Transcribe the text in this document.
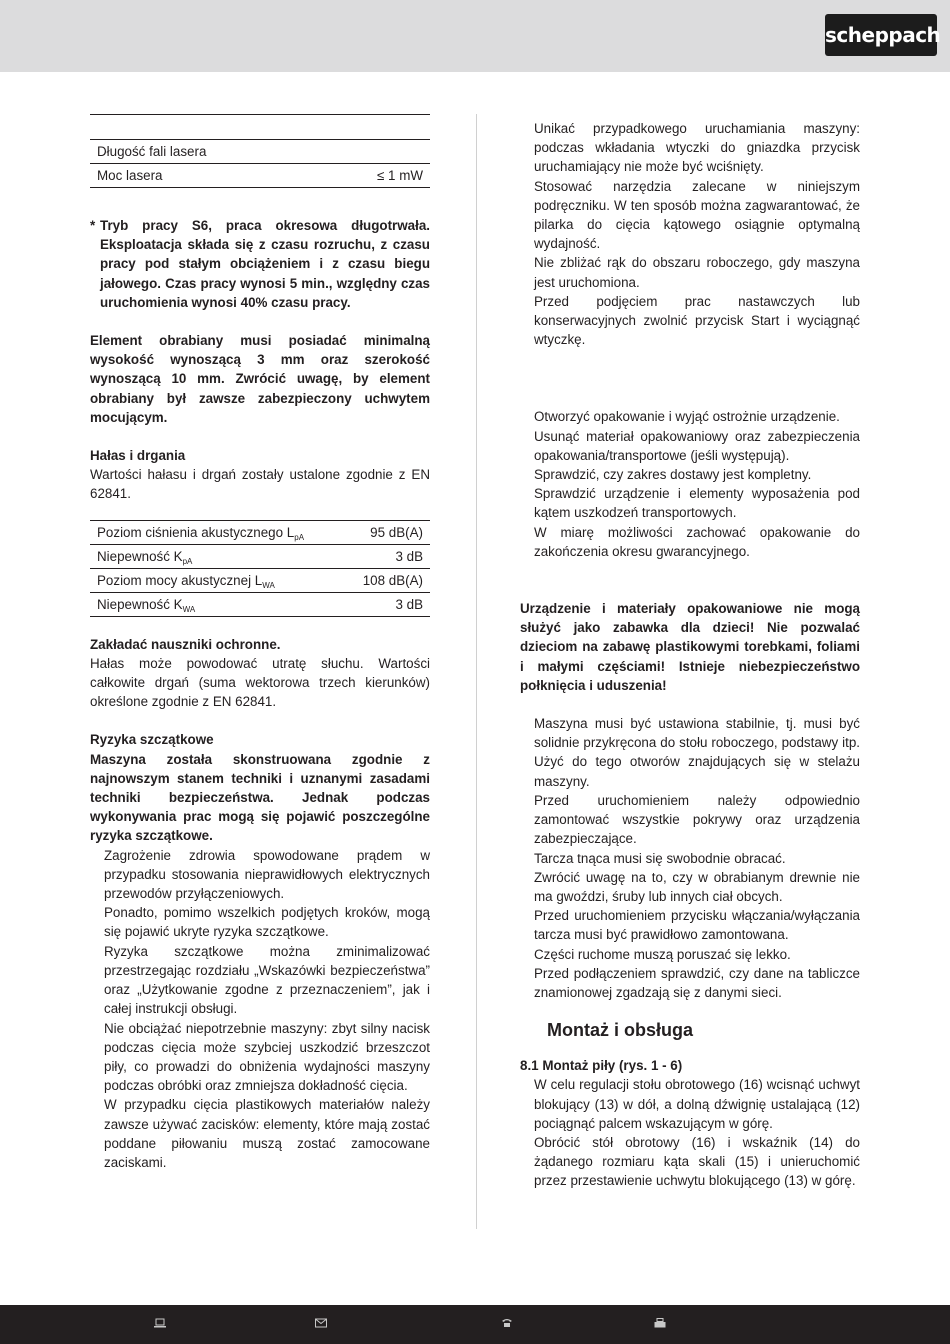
scheppach
Długość fali lasera	
Moc lasera	≤ 1 mW
* Tryb pracy S6, praca okresowa długotrwała. Eksploatacja składa się z czasu rozruchu, z czasu pracy pod stałym obciążeniem i z czasu biegu jałowego. Czas pracy wynosi 5 min., względny czas uruchomienia wynosi 40% czasu pracy.

Element obrabiany musi posiadać minimalną wysokość wynoszącą 3 mm oraz szerokość wynoszącą 10 mm. Zwrócić uwagę, by element obrabiany był zawsze zabezpieczony uchwytem mocującym.

Hałas i drgania

Wartości hałasu i drgań zostały ustalone zgodnie z EN 62841.

Poziom ciśnienia akustycznego $L_{pA}$	95 dB(A)
Niepewność $K_{pA}$	3 dB
Poziom mocy akustycznej $L_{WA}$	108 dB(A)
Niepewność $K_{WA}$	3 dB

Zakładać nauszniki ochronne.

Hałas może powodować utratę słuchu. Wartości całkowite drgań (suma wektorowa trzech kierunków) określone zgodnie z EN 62841.

Ryzyka szczątkowe

Maszyna została skonstruowana zgodnie z najnowszym stanem techniki i uznanymi zasadami techniki bezpieczeństwa. Jednak podczas wykonywania prac mogą się pojawić poszczególne ryzyka szczątkowe.

Zagrożenie zdrowia spowodowane prądem w przypadku stosowania nieprawidłowych elektrycznych przewodów przyłączeniowych.

Ponadto, pomimo wszelkich podjętych kroków, mogą się pojawić ukryte ryzyka szczątkowe.

Ryzyka szczątkowe można zminimalizować przestrzegając rozdziału „Wskazówki bezpieczeństwa” oraz „Użytkowanie zgodne z przeznaczeniem”, jak i całej instrukcji obsługi.

Nie obciążać niepotrzebnie maszyny: zbyt silny nacisk podczas cięcia może szybciej uszkodzić brzeszczot piły, co prowadzi do obniżenia wydajności maszyny podczas obróbki oraz zmniejsza dokładność cięcia.

W przypadku cięcia plastikowych materiałów należy zawsze używać zacisków: elementy, które mają zostać poddane piłowaniu muszą zostać zamocowane zaciskami.

Unikać przypadkowego uruchamiania maszyny: podczas wkładania wtyczki do gniazdka przycisk uruchamiający nie może być wciśnięty.

Stosować narzędzia zalecane w niniejszym podręczniku. W ten sposób można zagwarantować, że pilarka do cięcia kątowego osiągnie optymalną wydajność.

Nie zbliżać rąk do obszaru roboczego, gdy maszyna jest uruchomiona.

Przed podjęciem prac nastawczych lub konserwacyjnych zwolnić przycisk Start i wyciągnąć wtyczkę.

Otworzyć opakowanie i wyjąć ostrożnie urządzenie.

Usunąć materiał opakowaniowy oraz zabezpieczenia opakowania/transportowe (jeśli występują).

Sprawdzić, czy zakres dostawy jest kompletny.

Sprawdzić urządzenie i elementy wyposażenia pod kątem uszkodzeń transportowych.

W miarę możliwości zachować opakowanie do zakończenia okresu gwarancyjnego.

Urządzenie i materiały opakowaniowe nie mogą służyć jako zabawka dla dzieci! Nie pozwalać dzieciom na zabawę plastikowymi torebkami, foliami i małymi częściami! Istnieje niebezpieczeństwo połknięcia i uduszenia!

Maszyna musi być ustawiona stabilnie, tj. musi być solidnie przykręcona do stołu roboczego, podstawy itp. Użyć do tego otworów znajdujących się w stelażu maszyny.

Przed uruchomieniem należy odpowiednio zamontować wszystkie pokrywy oraz urządzenia zabezpieczające.

Tarcza tnąca musi się swobodnie obracać.

Zwrócić uwagę na to, czy w obrabianym drewnie nie ma gwoździ, śruby lub innych ciał obcych.

Przed uruchomieniem przycisku włączania/wyłączania tarcza musi być prawidłowo zamontowana.

Części ruchome muszą poruszać się lekko.

Przed podłączeniem sprawdzić, czy dane na tabliczce znamionowej zgadzają się z danymi sieci.

Montaż i obsługa

8.1 Montaż piły (rys. 1 - 6)

W celu regulacji stołu obrotowego (16) wcisnąć uchwyt blokujący (13) w dół, a dolną dźwignię ustalającą (12) pociągnąć palcem wskazującym w górę.

Obrócić stół obrotowy (16) i wskaźnik (14) do żądanego rozmiaru kąta skali (15) i unieruchomić przez przestawienie uchwytu blokującego (13) w górę.
